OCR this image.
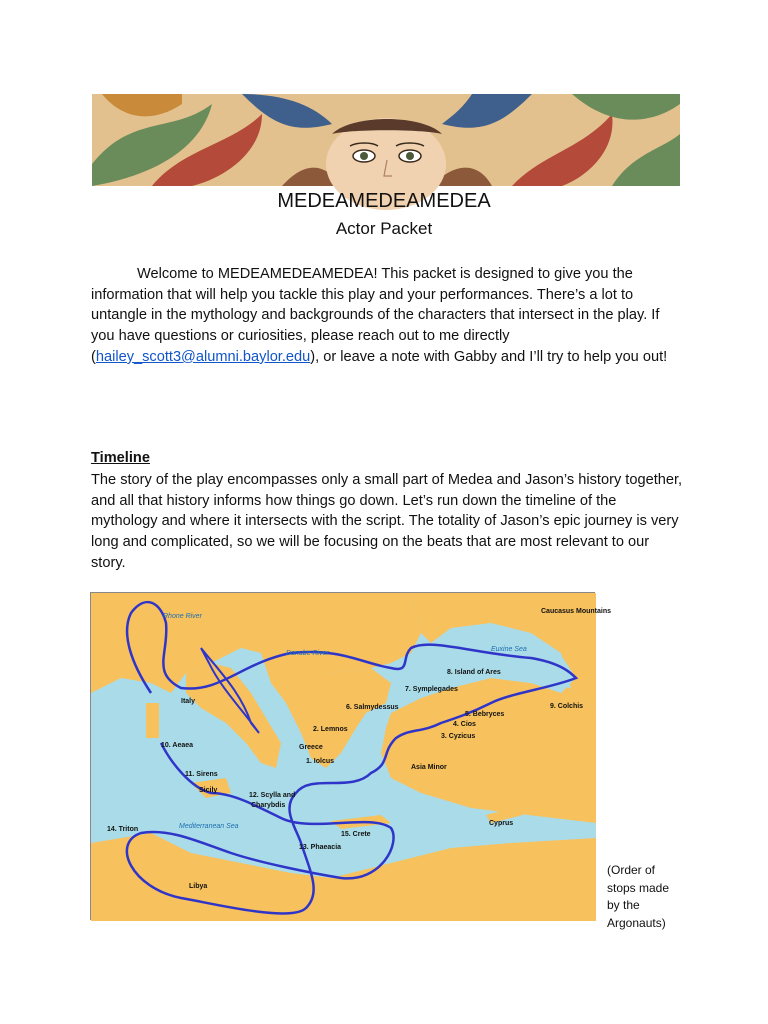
MEDEAMEDEAMEDEA
Actor Packet
Welcome to MEDEAMEDEAMEDEA! This packet is designed to give you the information that will help you tackle this play and your performances. There’s a lot to untangle in the mythology and backgrounds of the characters that intersect in the play. If you have questions or curiosities, please reach out to me directly (hailey_scott3@alumni.baylor.edu), or leave a note with Gabby and I’ll try to help you out!
Timeline
The story of the play encompasses only a small part of Medea and Jason’s history together, and all that history informs how things go down. Let’s run down the timeline of the mythology and where it intersects with the script. The totality of Jason’s epic journey is very long and complicated, so we will be focusing on the beats that are most relevant to our story.
Rhone River
Danube River
Euxine Sea
Mediterranean Sea
Caucasus Mountains
Italy
Greece
Asia Minor
Cyprus
Libya
Sicily
1. Iolcus
2. Lemnos
3. Cyzicus
4. Cios
5. Bebryces
6. Salmydessus
7. Symplegades
8. Island of Ares
9. Colchis
10. Aeaea
11. Sirens
12. Scylla and
Charybdis
13. Phaeacia
14. Triton
15. Crete
(Order of
stops made
by the
Argonauts)
